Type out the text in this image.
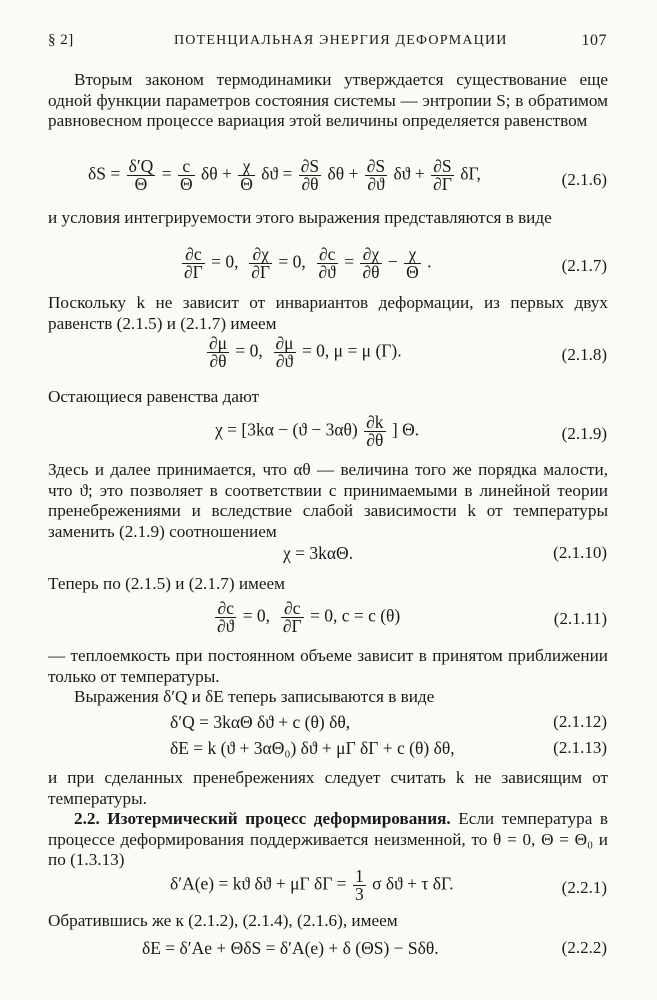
§ 2]	ПОТЕНЦИАЛЬНАЯ ЭНЕРГИЯ ДЕФОРМАЦИИ	107
Вторым законом термодинамики утверждается существование еще одной функции параметров состояния системы — энтропии S; в обратимом равновесном процессе вариация этой величины определяется равенством
$\delta S = \frac{\delta'Q}{\Theta} = \frac{c}{\Theta}$ $\delta\theta + \frac{\chi}{\Theta}$ $\delta ϑ = \frac{\partial S}{\partial\theta}$ $\delta\theta + \frac{\partial S}{\partial ϑ}$ $\delta ϑ + \frac{\partial S}{\partial\Gamma} \delta\Gamma$,	(2.1.6)
и условия интегрируемости этого выражения представляются в виде
$\frac{\partial c}{\partial\Gamma} = 0$, $\frac{\partial\chi}{\partial\Gamma} = 0$, $\frac{\partial c}{\partial ϑ} = \frac{\partial\chi}{\partial\theta} - \frac{\chi}{\Theta}$ .	(2.1.7)
Поскольку k не зависит от инвариантов деформации, из первых двух равенств (2.1.5) и (2.1.7) имеем
$\frac{\partial\mu}{\partial\theta} = 0$, $\frac{\partial\mu}{\partial ϑ} = 0$, μ = μ (Γ).	(2.1.8)
Остающиеся равенства дают
$\chi = [3k\alpha - (ϑ - 3\alpha\theta) \frac{\partial k}{\partial\theta}$ ] Θ.	(2.1.9)
Здесь и далее принимается, что αθ — величина того же порядка малости, что ϑ; это позволяет в соответствии с принимаемыми в линейной теории пренебрежениями и вследствие слабой зависимости k от температуры заменить (2.1.9) соотношением
χ = 3kαΘ.	(2.1.10)
Теперь по (2.1.5) и (2.1.7) имеем
$\frac{\partial c}{\partial ϑ} = 0$, $\frac{\partial c}{\partial\Gamma} = 0$, c = c (θ)	(2.1.11)
— теплоемкость при постоянном объеме зависит в принятом приближении только от температуры.
Выражения δ′Q и δE теперь записываются в виде
δ′Q = 3kαΘ δϑ + c (θ) δθ,	(2.1.12)
δE = k (ϑ + 3αΘ₀) δϑ + μΓ δΓ + c (θ) δθ,	(2.1.13)
и при сделанных пренебрежениях следует считать k не зависящим от температуры.
2.2. Изотермический процесс деформирования. Если температура в процессе деформирования поддерживается неизменной, то θ = 0, Θ = Θ₀ и по (1.3.13)
δ′A(e) = kϑ δϑ + μΓ $\delta\Gamma = \frac{1}{3}$ σ δϑ + τ δΓ.	(2.2.1)
Обратившись же к (2.1.2), (2.1.4), (2.1.6), имеем
δE = δ′Ae + ΘδS = δ′A(e) + δ (ΘS) − Sδθ.	(2.2.2)
